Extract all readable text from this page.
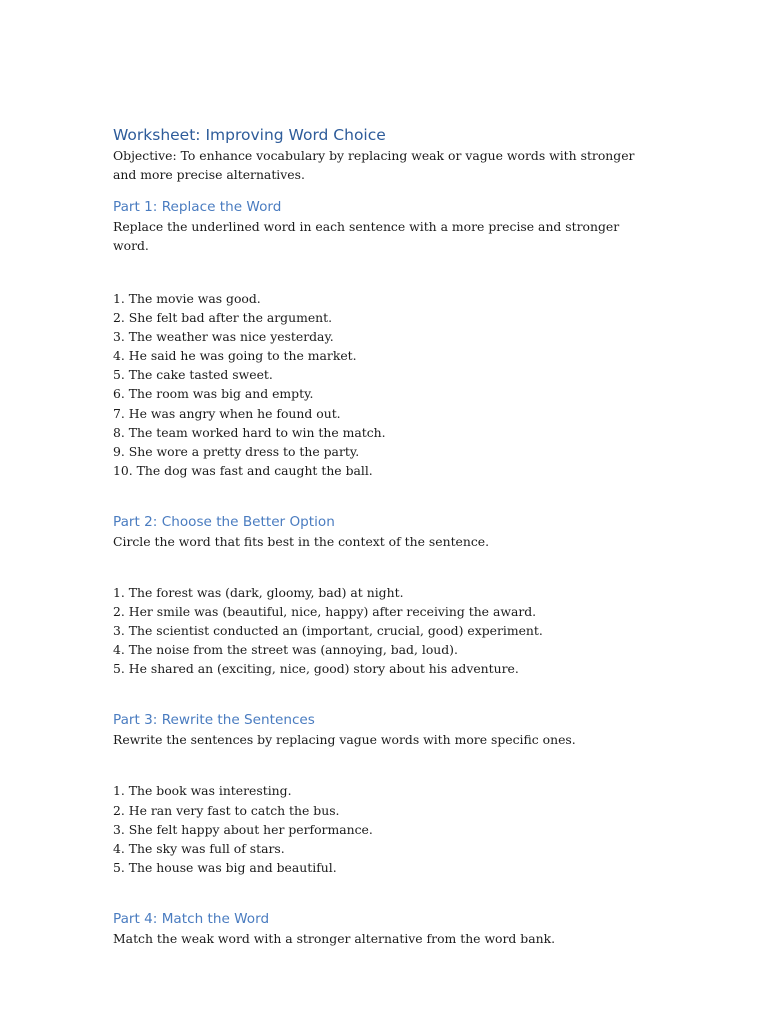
Worksheet: Improving Word Choice

Objective: To enhance vocabulary by replacing weak or vague words with stronger and more precise alternatives.

Part 1: Replace the Word

Replace the underlined word in each sentence with a more precise and stronger word.

1. The movie was good.
2. She felt bad after the argument.
3. The weather was nice yesterday.
4. He said he was going to the market.
5. The cake tasted sweet.
6. The room was big and empty.
7. He was angry when he found out.
8. The team worked hard to win the match.
9. She wore a pretty dress to the party.
10. The dog was fast and caught the ball.
Part 2: Choose the Better Option

Circle the word that fits best in the context of the sentence.

1. The forest was (dark, gloomy, bad) at night.
2. Her smile was (beautiful, nice, happy) after receiving the award.
3. The scientist conducted an (important, crucial, good) experiment.
4. The noise from the street was (annoying, bad, loud).
5. He shared an (exciting, nice, good) story about his adventure.
Part 3: Rewrite the Sentences

Rewrite the sentences by replacing vague words with more specific ones.

1. The book was interesting.
2. He ran very fast to catch the bus.
3. She felt happy about her performance.
4. The sky was full of stars.
5. The house was big and beautiful.
Part 4: Match the Word

Match the weak word with a stronger alternative from the word bank.
